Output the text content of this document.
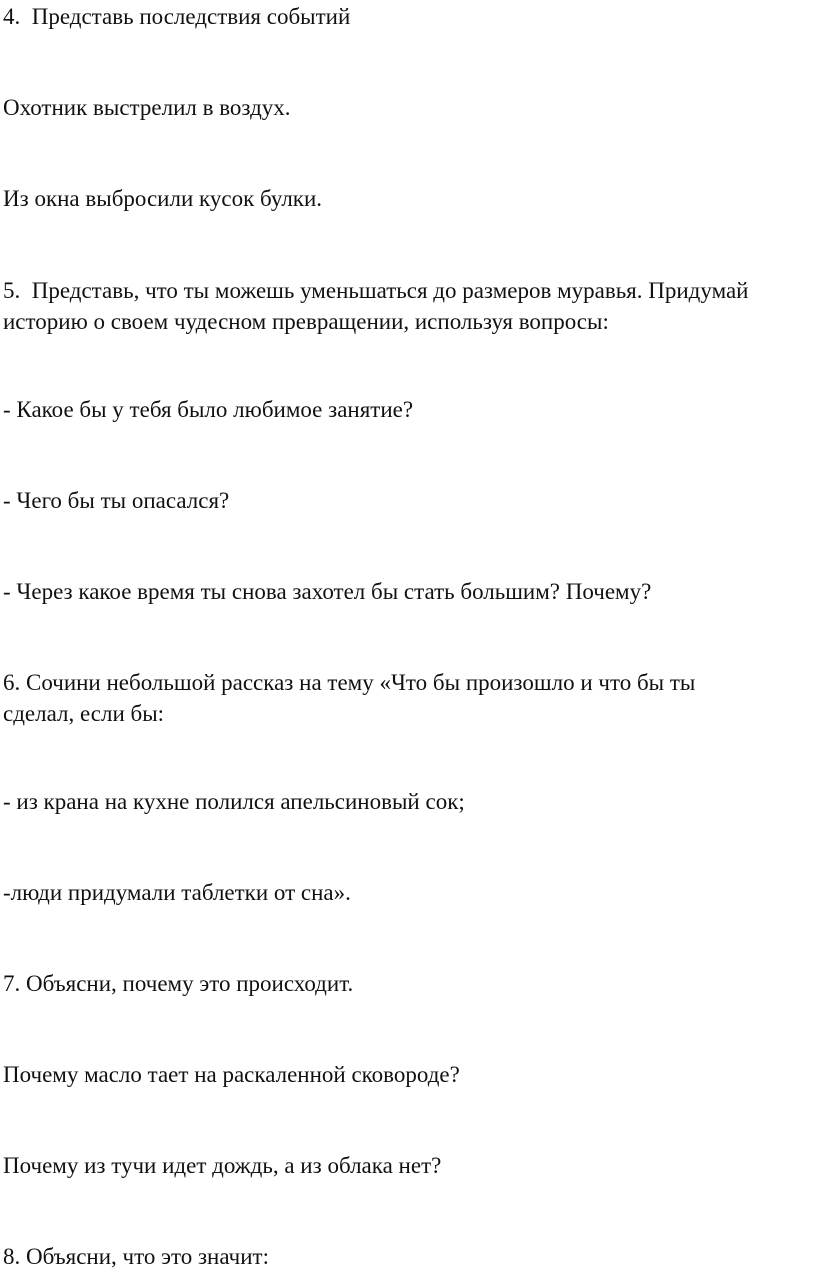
4.  Представь последствия событий
Охотник выстрелил в воздух.
Из окна выбросили кусок булки.
5.  Представь, что ты можешь уменьшаться до размеров муравья. Придумай
историю о своем чудесном превращении, используя вопросы:
- Какое бы у тебя было любимое занятие?
- Чего бы ты опасался?
- Через какое время ты снова захотел бы стать большим? Почему?
6. Сочини небольшой рассказ на тему «Что бы произошло и что бы ты
сделал, если бы:
- из крана на кухне полился апельсиновый сок;
-люди придумали таблетки от сна».
7. Объясни, почему это происходит.
Почему масло тает на раскаленной сковороде?
Почему из тучи идет дождь, а из облака нет?
8. Объясни, что это значит:
